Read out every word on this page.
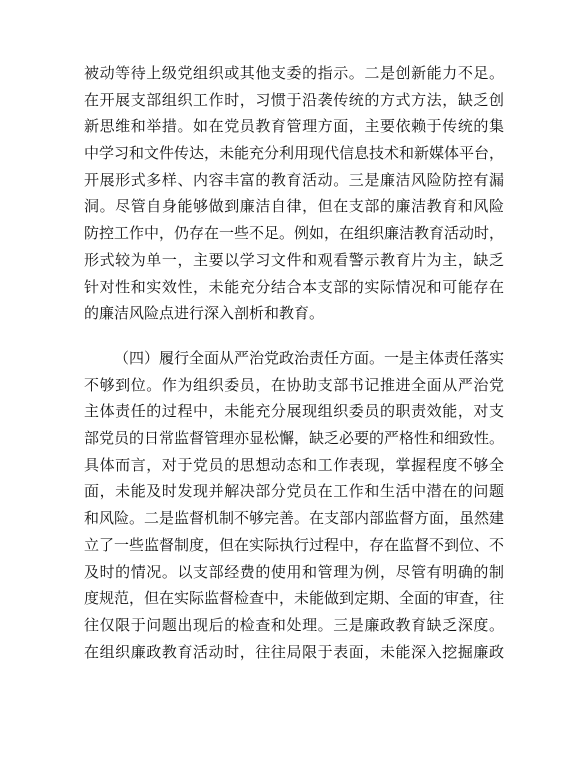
被动等待上级党组织或其他支委的指示。二是创新能力不足。
在开展支部组织工作时，习惯于沿袭传统的方式方法，缺乏创
新思维和举措。如在党员教育管理方面，主要依赖于传统的集
中学习和文件传达，未能充分利用现代信息技术和新媒体平台，
开展形式多样、内容丰富的教育活动。三是廉洁风险防控有漏
洞。尽管自身能够做到廉洁自律，但在支部的廉洁教育和风险
防控工作中，仍存在一些不足。例如，在组织廉洁教育活动时，
形式较为单一，主要以学习文件和观看警示教育片为主，缺乏
针对性和实效性，未能充分结合本支部的实际情况和可能存在
的廉洁风险点进行深入剖析和教育。
（四）履行全面从严治党政治责任方面。一是主体责任落实
不够到位。作为组织委员，在协助支部书记推进全面从严治党
主体责任的过程中，未能充分展现组织委员的职责效能，对支
部党员的日常监督管理亦显松懈，缺乏必要的严格性和细致性。
具体而言，对于党员的思想动态和工作表现，掌握程度不够全
面，未能及时发现并解决部分党员在工作和生活中潜在的问题
和风险。二是监督机制不够完善。在支部内部监督方面，虽然建
立了一些监督制度，但在实际执行过程中，存在监督不到位、不
及时的情况。以支部经费的使用和管理为例，尽管有明确的制
度规范，但在实际监督检查中，未能做到定期、全面的审查，往
往仅限于问题出现后的检查和处理。三是廉政教育缺乏深度。
在组织廉政教育活动时，往往局限于表面，未能深入挖掘廉政
